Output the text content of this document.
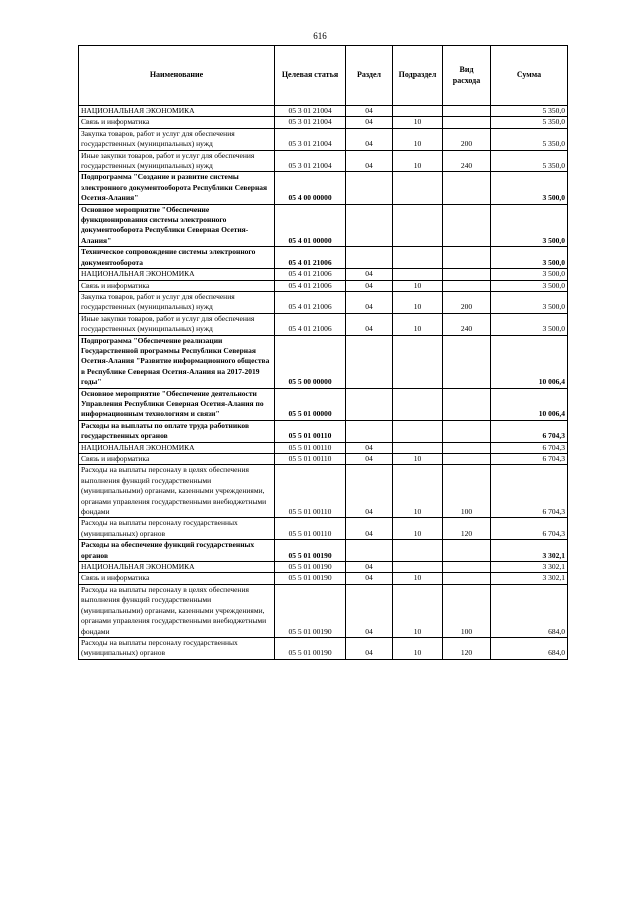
616
Наименование	Целевая статья	Раздел	Подраздел	Вид расхода	Сумма
НАЦИОНАЛЬНАЯ ЭКОНОМИКА	05 3 01 21004	04			5 350,0
Связь и информатика	05 3 01 21004	04	10		5 350,0
Закупка товаров, работ и услуг для обеспечения государственных (муниципальных) нужд	05 3 01 21004	04	10	200	5 350,0
Иные закупки товаров, работ и услуг для обеспечения государственных (муниципальных) нужд	05 3 01 21004	04	10	240	5 350,0
Подпрограмма "Создание и развитие системы электронного документооборота Республики Северная Осетия-Алания"	05 4 00 00000				3 500,0
Основное мероприятие "Обеспечение функционирования системы электронного документооборота Республики Северная Осетия-Алания"	05 4 01 00000				3 500,0
Техническое сопровождение системы электронного документооборота	05 4 01 21006				3 500,0
НАЦИОНАЛЬНАЯ ЭКОНОМИКА	05 4 01 21006	04			3 500,0
Связь и информатика	05 4 01 21006	04	10		3 500,0
Закупка товаров, работ и услуг для обеспечения государственных (муниципальных) нужд	05 4 01 21006	04	10	200	3 500,0
Иные закупки товаров, работ и услуг для обеспечения государственных (муниципальных) нужд	05 4 01 21006	04	10	240	3 500,0
Подпрограмма "Обеспечение реализации Государственной программы Республики Северная Осетия-Алания "Развитие информационного общества в Республике Северная Осетия-Алания на 2017-2019 годы"	05 5 00 00000				10 006,4
Основное мероприятие "Обеспечение деятельности Управления Республики Северная Осетия-Алания по информационным технологиям и связи"	05 5 01 00000				10 006,4
Расходы на выплаты по оплате труда работников государственных органов	05 5 01 00110				6 704,3
НАЦИОНАЛЬНАЯ ЭКОНОМИКА	05 5 01 00110	04			6 704,3
Связь и информатика	05 5 01 00110	04	10		6 704,3
Расходы на выплаты персоналу в целях обеспечения выполнения функций государственными (муниципальными) органами, казенными учреждениями, органами управления государственными внебюджетными фондами	05 5 01 00110	04	10	100	6 704,3
Расходы на выплаты персоналу государственных (муниципальных) органов	05 5 01 00110	04	10	120	6 704,3
Расходы на обеспечение функций государственных органов	05 5 01 00190				3 302,1
НАЦИОНАЛЬНАЯ ЭКОНОМИКА	05 5 01 00190	04			3 302,1
Связь и информатика	05 5 01 00190	04	10		3 302,1
Расходы на выплаты персоналу в целях обеспечения выполнения функций государственными (муниципальными) органами, казенными учреждениями, органами управления государственными внебюджетными фондами	05 5 01 00190	04	10	100	684,0
Расходы на выплаты персоналу государственных (муниципальных) органов	05 5 01 00190	04	10	120	684,0
